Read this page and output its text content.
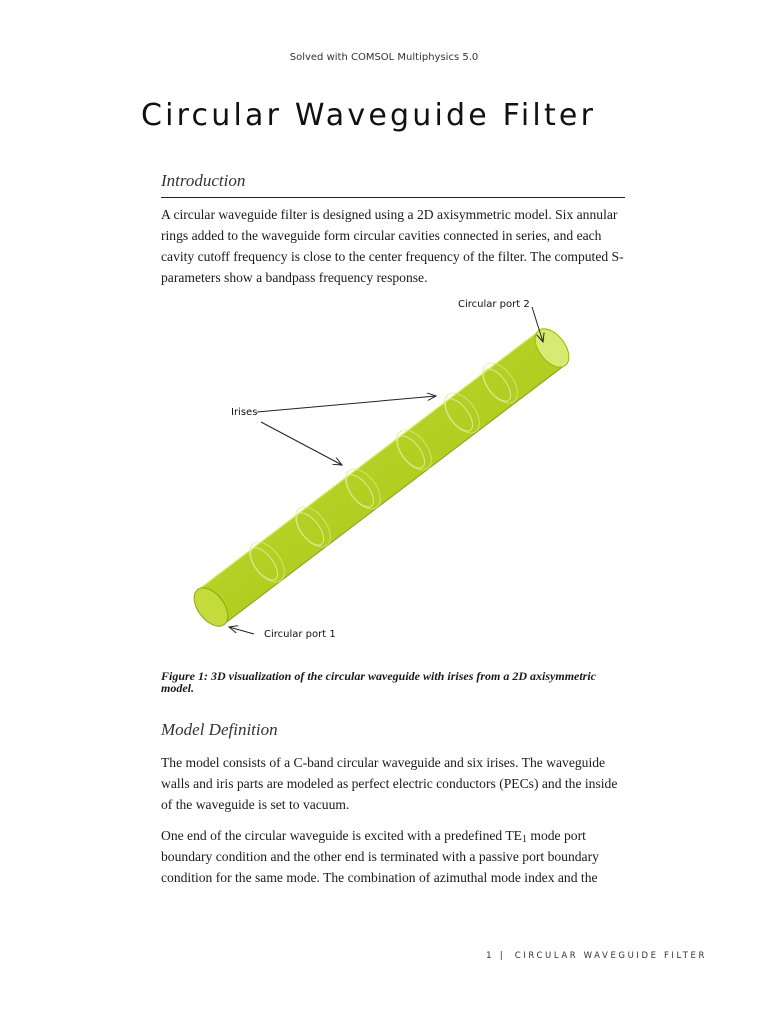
Solved with COMSOL Multiphysics 5.0
Circular Waveguide Filter
Introduction

A circular waveguide filter is designed using a 2D axisymmetric model. Six annular rings added to the waveguide form circular cavities connected in series, and each cavity cutoff frequency is close to the center frequency of the filter. The computed S-parameters show a bandpass frequency response.

Circular port 2
Irises
Circular port 1

Figure 1: 3D visualization of the circular waveguide with irises from a 2D axisymmetric model.

Model Definition

The model consists of a C-band circular waveguide and six irises. The waveguide walls and iris parts are modeled as perfect electric conductors (PECs) and the inside of the waveguide is set to vacuum.

One end of the circular waveguide is excited with a predefined $TE_1$ mode port boundary condition and the other end is terminated with a passive port boundary condition for the same mode. The combination of azimuthal mode index and the

1 | CIRCULAR WAVEGUIDE FILTER
